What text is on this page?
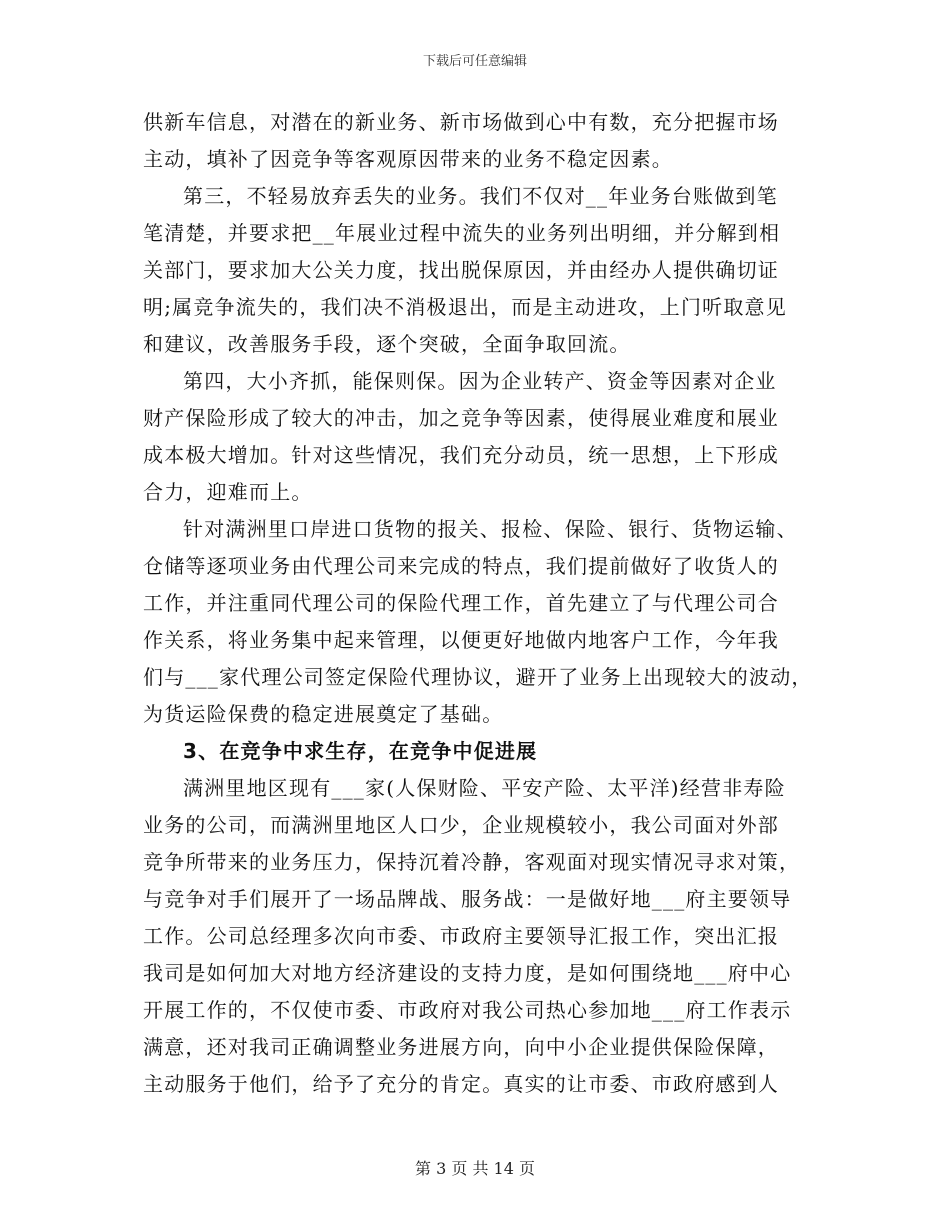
下载后可任意编辑
供新车信息，对潜在的新业务、新市场做到心中有数，充分把握市场
主动，填补了因竞争等客观原因带来的业务不稳定因素。
第三，不轻易放弃丢失的业务。我们不仅对__年业务台账做到笔
笔清楚，并要求把__年展业过程中流失的业务列出明细，并分解到相
关部门，要求加大公关力度，找出脱保原因，并由经办人提供确切证
明;属竞争流失的，我们决不消极退出，而是主动进攻，上门听取意见
和建议，改善服务手段，逐个突破，全面争取回流。
第四，大小齐抓，能保则保。因为企业转产、资金等因素对企业
财产保险形成了较大的冲击，加之竞争等因素，使得展业难度和展业
成本极大增加。针对这些情况，我们充分动员，统一思想，上下形成
合力，迎难而上。
针对满洲里口岸进口货物的报关、报检、保险、银行、货物运输、
仓储等逐项业务由代理公司来完成的特点，我们提前做好了收货人的
工作，并注重同代理公司的保险代理工作，首先建立了与代理公司合
作关系，将业务集中起来管理，以便更好地做内地客户工作，今年我
们与___家代理公司签定保险代理协议，避开了业务上出现较大的波动，
为货运险保费的稳定进展奠定了基础。
3、在竞争中求生存，在竞争中促进展
满洲里地区现有___家(人保财险、平安产险、太平洋)经营非寿险
业务的公司，而满洲里地区人口少，企业规模较小，我公司面对外部
竞争所带来的业务压力，保持沉着冷静，客观面对现实情况寻求对策，
与竞争对手们展开了一场品牌战、服务战：一是做好地___府主要领导
工作。公司总经理多次向市委、市政府主要领导汇报工作，突出汇报
我司是如何加大对地方经济建设的支持力度，是如何围绕地___府中心
开展工作的，不仅使市委、市政府对我公司热心参加地___府工作表示
满意，还对我司正确调整业务进展方向，向中小企业提供保险保障，
主动服务于他们，给予了充分的肯定。真实的让市委、市政府感到人
第 3 页 共 14 页
